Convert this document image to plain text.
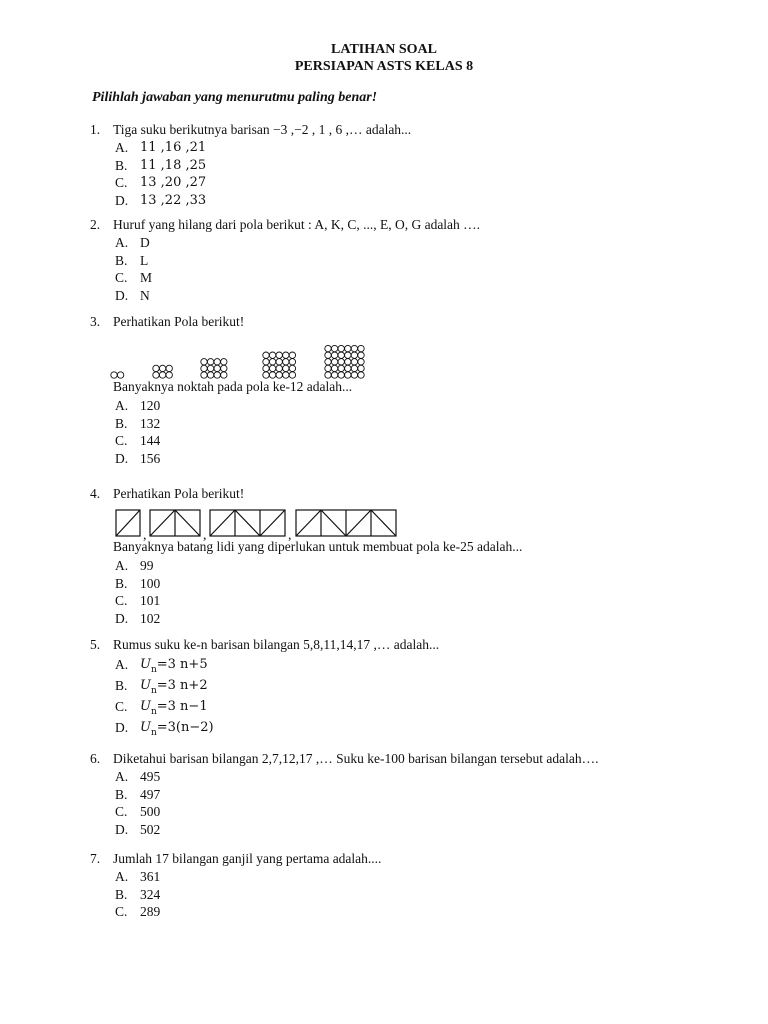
LATIHAN SOAL
PERSIAPAN ASTS KELAS 8
Pilihlah jawaban yang menurutmu paling benar!
1. Tiga suku berikutnya barisan −3 ,−2 , 1 , 6 ,… adalah...
A. 11 ,16 ,21
B. 11 ,18 ,25
C. 13 ,20 ,27
D. 13 ,22 ,33
2. Huruf yang hilang dari pola berikut : A, K, C, ..., E, O, G adalah ….
A. D
B. L
C. M
D. N
3. Perhatikan Pola berikut!
Banyaknya noktah pada pola ke-12 adalah...
A. 120
B. 132
C. 144
D. 156
4. Perhatikan Pola berikut!
,	,	,
Banyaknya batang lidi yang diperlukan untuk membuat pola ke-25 adalah...
A. 99
B. 100
C. 101
D. 102
5. Rumus suku ke-n barisan bilangan 5,8,11,14,17 ,… adalah...
A. $U_n=3$ n+5
B. $U_n=3$ n+2
C. $U_n=3$ n−1
D. $U_n=3(n-2)$
6. Diketahui barisan bilangan 2,7,12,17 ,… Suku ke-100 barisan bilangan tersebut adalah….
A. 495
B. 497
C. 500
D. 502
7. Jumlah 17 bilangan ganjil yang pertama adalah....
A. 361
B. 324
C. 289
